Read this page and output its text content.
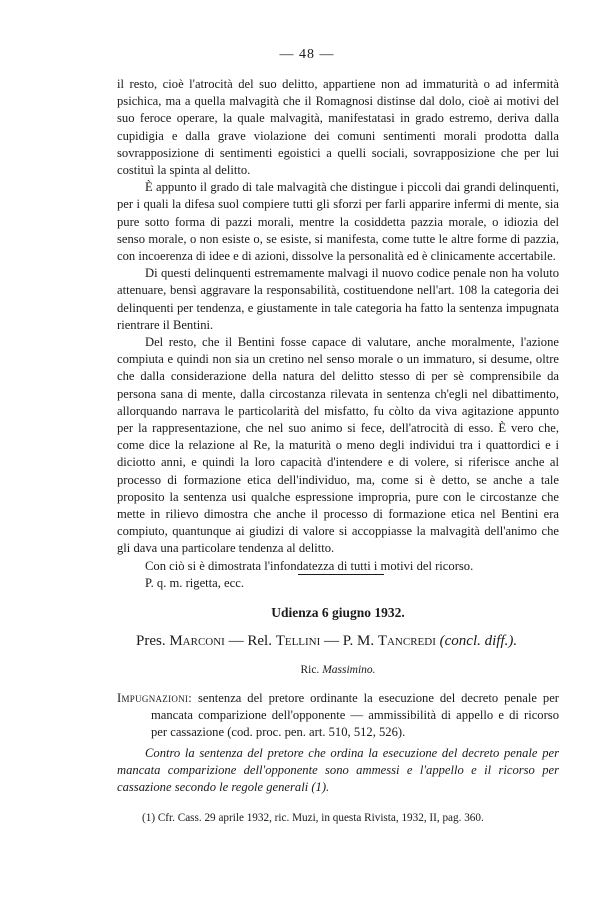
— 48 —

il resto, cioè l'atrocità del suo delitto, appartiene non ad immaturità o ad infermità psichica, ma a quella malvagità che il Romagnosi distinse dal dolo, cioè ai motivi del suo feroce operare, la quale malvagità, manifestatasi in grado estremo, deriva dalla cupidigia e dalla grave violazione dei comuni sentimenti morali prodotta dalla sovrapposizione di sentimenti egoistici a quelli sociali, sovrapposizione che per lui costituì la spinta al delitto.

È appunto il grado di tale malvagità che distingue i piccoli dai grandi delinquenti, per i quali la difesa suol compiere tutti gli sforzi per farli apparire infermi di mente, sia pure sotto forma di pazzi morali, mentre la cosiddetta pazzia morale, o idiozia del senso morale, o non esiste o, se esiste, si manifesta, come tutte le altre forme di pazzia, con incoerenza di idee e di azioni, dissolve la personalità ed è clinicamente accertabile.

Di questi delinquenti estremamente malvagi il nuovo codice penale non ha voluto attenuare, bensì aggravare la responsabilità, costituendone nell'art. 108 la categoria dei delinquenti per tendenza, e giustamente in tale categoria ha fatto la sentenza impugnata rientrare il Bentini.

Del resto, che il Bentini fosse capace di valutare, anche moralmente, l'azione compiuta e quindi non sia un cretino nel senso morale o un immaturo, si desume, oltre che dalla considerazione della natura del delitto stesso di per sè comprensibile da persona sana di mente, dalla circostanza rilevata in sentenza ch'egli nel dibattimento, allorquando narrava le particolarità del misfatto, fu còlto da viva agitazione appunto per la rappresentazione, che nel suo animo si fece, dell'atrocità di esso. È vero che, come dice la relazione al Re, la maturità o meno degli individui tra i quattordici e i diciotto anni, e quindi la loro capacità d'intendere e di volere, si riferisce anche al processo di formazione etica dell'individuo, ma, come si è detto, se anche a tale proposito la sentenza usi qualche espressione impropria, pure con le circostanze che mette in rilievo dimostra che anche il processo di formazione etica nel Bentini era compiuto, quantunque ai giudizi di valore si accoppiasse la malvagità dell'animo che gli dava una particolare tendenza al delitto.

Con ciò si è dimostrata l'infondatezza di tutti i motivi del ricorso.

P. q. m. rigetta, ecc.

Udienza 6 giugno 1932.
Pres. Marconi — Rel. Tellini — P. M. Tancredi (concl. diff.).
Ric. Massimino.
Impugnazioni: sentenza del pretore ordinante la esecuzione del decreto penale per mancata comparizione dell'opponente — ammissibilità di appello e di ricorso per cassazione (cod. proc. pen. art. 510, 512, 526).
Contro la sentenza del pretore che ordina la esecuzione del decreto penale per mancata comparizione dell'opponente sono ammessi e l'appello e il ricorso per cassazione secondo le regole generali (1).
(1) Cfr. Cass. 29 aprile 1932, ric. Muzi, in questa Rivista, 1932, II, pag. 360.
